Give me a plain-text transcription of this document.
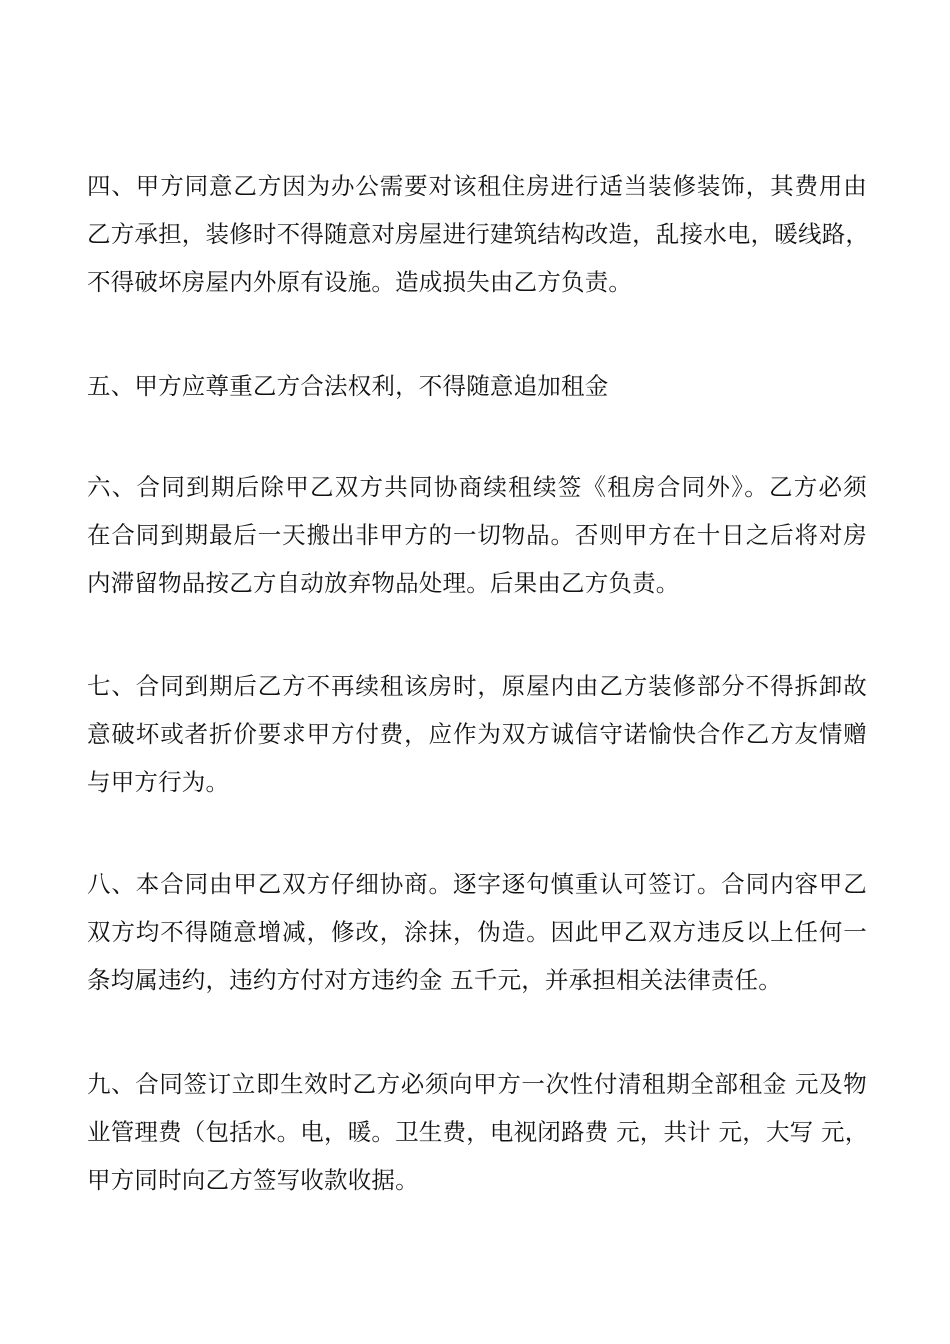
四、甲方同意乙方因为办公需要对该租住房进行适当装修装饰，其费用由
乙方承担，装修时不得随意对房屋进行建筑结构改造，乱接水电，暖线路，
不得破坏房屋内外原有设施。造成损失由乙方负责。
五、甲方应尊重乙方合法权利，不得随意追加租金
六、合同到期后除甲乙双方共同协商续租续签《租房合同外》。乙方必须
在合同到期最后一天搬出非甲方的一切物品。否则甲方在十日之后将对房
内滞留物品按乙方自动放弃物品处理。后果由乙方负责。
七、合同到期后乙方不再续租该房时，原屋内由乙方装修部分不得拆卸故
意破坏或者折价要求甲方付费，应作为双方诚信守诺愉快合作乙方友情赠
与甲方行为。
八、本合同由甲乙双方仔细协商。逐字逐句慎重认可签订。合同内容甲乙
双方均不得随意增减，修改，涂抹，伪造。因此甲乙双方违反以上任何一
条均属违约，违约方付对方违约金 五千元，并承担相关法律责任。
九、合同签订立即生效时乙方必须向甲方一次性付清租期全部租金 元及物
业管理费（包括水。电，暖。卫生费，电视闭路费 元，共计 元，大写 元，
甲方同时向乙方签写收款收据。
